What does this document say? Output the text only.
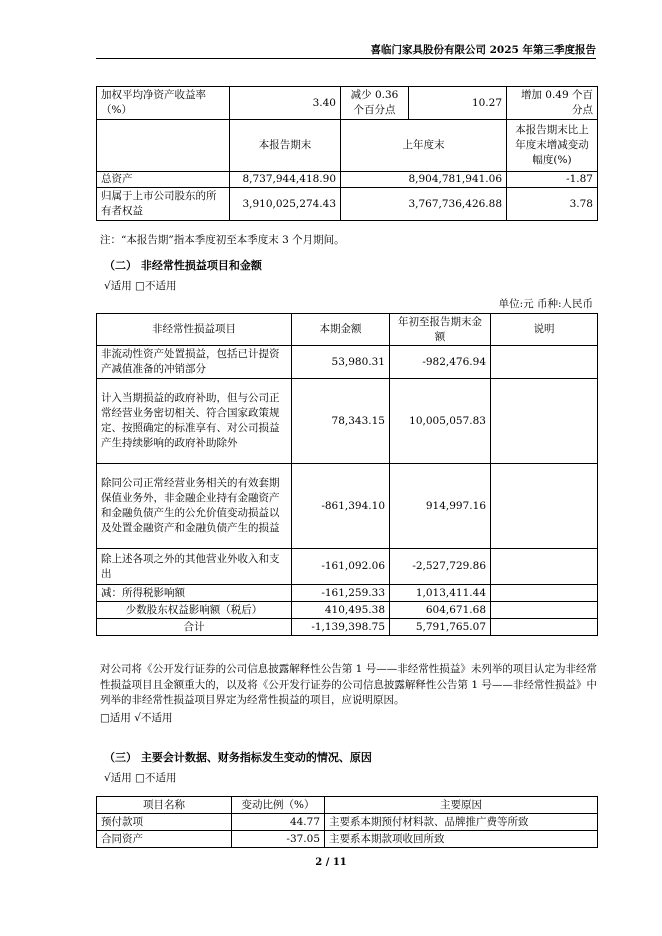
喜临门家具股份有限公司 2025 年第三季度报告
加权平均净资产收益率（%）	3.40	减少 0.36 个百分点	10.27	增加 0.49 个百分点
	本报告期末	上年度末		本报告期末比上年度末增减变动幅度(%)
总资产	8,737,944,418.90	8,904,781,941.06		-1.87
归属于上市公司股东的所有者权益	3,910,025,274.43	3,767,736,426.88		3.78
注：“本报告期”指本季度初至本季度末 3 个月期间。
（二） 非经常性损益项目和金额
√适用 □不适用
单位:元 币种:人民币
非经常性损益项目	本期金额	年初至报告期末金额	说明
非流动性资产处置损益，包括已计提资产减值准备的冲销部分	53,980.31	-982,476.94	
计入当期损益的政府补助，但与公司正常经营业务密切相关、符合国家政策规定、按照确定的标准享有、对公司损益产生持续影响的政府补助除外	78,343.15	10,005,057.83	
除同公司正常经营业务相关的有效套期保值业务外，非金融企业持有金融资产和金融负债产生的公允价值变动损益以及处置金融资产和金融负债产生的损益	-861,394.10	914,997.16	
除上述各项之外的其他营业外收入和支出	-161,092.06	-2,527,729.86	
减：所得税影响额	-161,259.33	1,013,411.44	
少数股东权益影响额（税后）	410,495.38	604,671.68	
合计	-1,139,398.75	5,791,765.07	
对公司将《公开发行证券的公司信息披露解释性公告第 1 号——非经常性损益》未列举的项目认定为非经常性损益项目且金额重大的，以及将《公开发行证券的公司信息披露解释性公告第 1 号——非经常性损益》中列举的非经常性损益项目界定为经常性损益的项目，应说明原因。
□适用 √不适用
（三） 主要会计数据、财务指标发生变动的情况、原因
√适用 □不适用
项目名称	变动比例（%）	主要原因
预付款项	44.77	主要系本期预付材料款、品牌推广费等所致
合同资产	-37.05	主要系本期款项收回所致
2 / 11
